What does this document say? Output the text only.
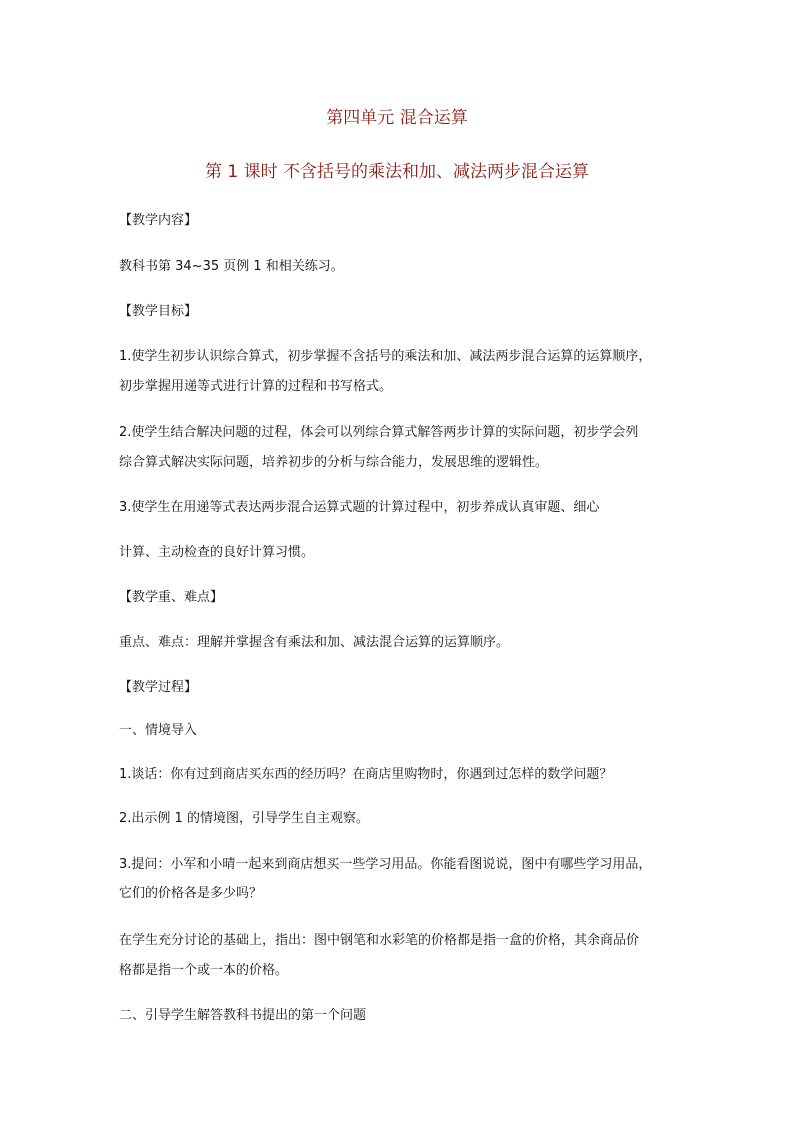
第四单元 混合运算
第 1 课时 不含括号的乘法和加、减法两步混合运算
【教学内容】
教科书第 34~35 页例 1 和相关练习。
【教学目标】
1.使学生初步认识综合算式，初步掌握不含括号的乘法和加、减法两步混合运算的运算顺序，
初步掌握用递等式进行计算的过程和书写格式。
2.使学生结合解决问题的过程，体会可以列综合算式解答两步计算的实际问题，初步学会列
综合算式解决实际问题，培养初步的分析与综合能力，发展思维的逻辑性。
3.使学生在用递等式表达两步混合运算式题的计算过程中，初步养成认真审题、细心
计算、主动检查的良好计算习惯。
【教学重、难点】
重点、难点：理解并掌握含有乘法和加、减法混合运算的运算顺序。
【教学过程】
一、情境导入
1.谈话：你有过到商店买东西的经历吗？在商店里购物时，你遇到过怎样的数学问题？
2.出示例 1 的情境图，引导学生自主观察。
3.提问：小军和小晴一起来到商店想买一些学习用品。你能看图说说，图中有哪些学习用品，
它们的价格各是多少吗？
在学生充分讨论的基础上，指出：图中钢笔和水彩笔的价格都是指一盒的价格，其余商品价
格都是指一个或一本的价格。
二、引导学生解答教科书提出的第一个问题
